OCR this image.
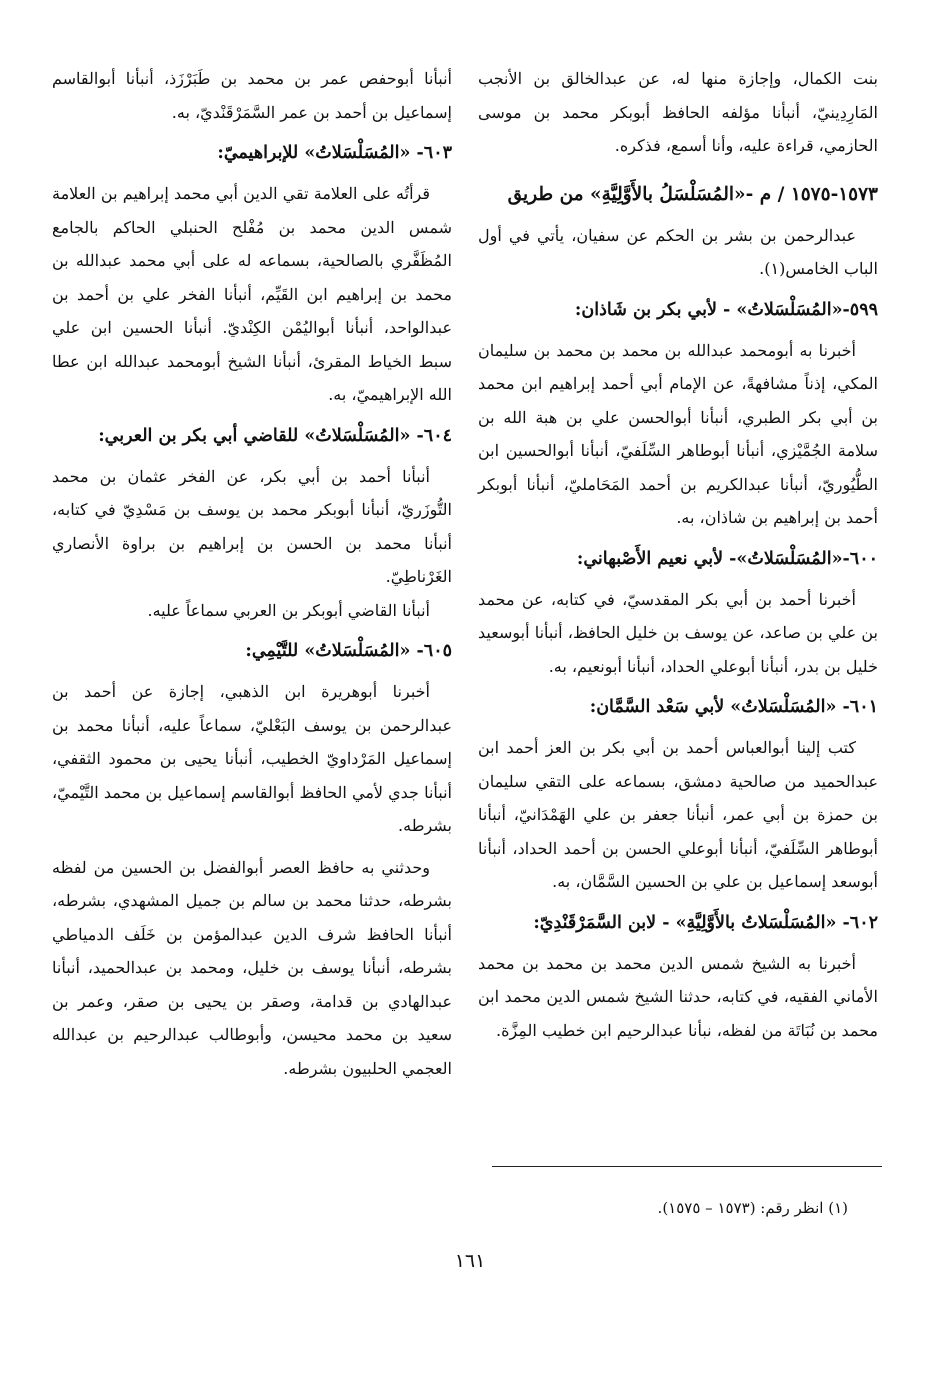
بنت الكمال، وإجازة منها له، عن عبدالخالق بن الأنجب المَارِدِينيّ، أنبأنا مؤلفه الحافظ أبوبكر محمد بن موسى الحازمي، قراءة عليه، وأنا أسمع، فذكره.

١٥٧٣-١٥٧٥ / م -«المُسَلْسَلُ بالأَوَّلِيَّةِ» من طريق

عبدالرحمن بن بشر بن الحكم عن سفيان، يأتي في أول الباب الخامس(١).

٥٩٩-«المُسَلْسَلاتُ» - لأبي بكر بن شَاذان:

أخبرنا به أبومحمد عبدالله بن محمد بن محمد بن سليمان المكي، إذناً مشافهةً، عن الإمام أبي أحمد إبراهيم ابن محمد بن أبي بكر الطبري، أنبأنا أبوالحسن علي بن هبة الله بن سلامة الجُمَّيْزي، أنبأنا أبوطاهر السِّلَفيّ، أنبأنا أبوالحسين ابن الطُّيُوريّ، أنبأنا عبدالكريم بن أحمد المَحَامليّ، أنبأنا أبوبكر أحمد بن إبراهيم بن شاذان، به.

٦٠٠-«المُسَلْسَلاتُ»- لأبي نعيم الأَصْبهاني:

أخبرنا أحمد بن أبي بكر المقدسيّ، في كتابه، عن محمد بن علي بن صاعد، عن يوسف بن خليل الحافظ، أنبأنا أبوسعيد خليل بن بدر، أنبأنا أبوعلي الحداد، أنبأنا أبونعيم، به.

٦٠١- «المُسَلْسَلاتُ» لأبي سَعْد السَّمَّان:

كتب إلينا أبوالعباس أحمد بن أبي بكر بن العز أحمد ابن عبدالحميد من صالحية دمشق، بسماعه على التقي سليمان بن حمزة بن أبي عمر، أنبأنا جعفر بن علي الهَمْدَانيّ، أنبأنا أبوطاهر السِّلَفيّ، أنبأنا أبوعلي الحسن بن أحمد الحداد، أنبأنا أبوسعد إسماعيل بن علي بن الحسين السَّمَّان، به.

٦٠٢- «المُسَلْسَلاتُ بالأَوَّلِيَّةِ» - لابن السَّمَرْقَنْدِيّ:

أخبرنا به الشيخ شمس الدين محمد بن محمد بن محمد الأماني الفقيه، في كتابه، حدثنا الشيخ شمس الدين محمد ابن محمد بن نُبَاتَة من لفظه، نبأنا عبدالرحيم ابن خطيب المِزَّة.

أنبأنا أبوحفص عمر بن محمد بن طَبَرْزَذ، أنبأنا أبوالقاسم إسماعيل بن أحمد بن عمر السَّمَرْقَنْديّ، به.

٦٠٣- «المُسَلْسَلاتُ» للإبراهيميّ:

قرأتُه على العلامة تقي الدين أبي محمد إبراهيم بن العلامة شمس الدين محمد بن مُفْلح الحنبلي الحاكم بالجامع المُظَفَّري بالصالحية، بسماعه له على أبي محمد عبدالله بن محمد بن إبراهيم ابن القَيِّم، أنبأنا الفخر علي بن أحمد بن عبدالواحد، أنبأنا أبواليُمْن الكِنْديّ. أنبأنا الحسين ابن علي سبط الخياط المقرئ، أنبأنا الشيخ أبومحمد عبدالله ابن عطا الله الإبراهيميّ، به.

٦٠٤- «المُسَلْسَلاتُ» للقاضي أبي بكر بن العربي:

أنبأنا أحمد بن أبي بكر، عن الفخر عثمان بن محمد التُّوزَريّ، أنبأنا أبوبكر محمد بن يوسف بن مَسْدِيّ في كتابه، أنبأنا محمد بن الحسن بن إبراهيم بن براوة الأنصاري الغَرْناطِيّ.

أنبأنا القاضي أبوبكر بن العربي سماعاً عليه.

٦٠٥- «المُسَلْسَلاتُ» للتَّيْمِي:

أخبرنا أبوهريرة ابن الذهبي، إجازة عن أحمد بن عبدالرحمن بن يوسف البَعْليّ، سماعاً عليه، أنبأنا محمد بن إسماعيل المَرْداويّ الخطيب، أنبأنا يحيى بن محمود الثقفي، أنبأنا جدي لأمي الحافظ أبوالقاسم إسماعيل بن محمد التَّيْميّ، بشرطه.

وحدثني به حافظ العصر أبوالفضل بن الحسين من لفظه بشرطه، حدثنا محمد بن سالم بن جميل المشهدي، بشرطه، أنبأنا الحافظ شرف الدين عبدالمؤمن بن خَلَف الدمياطي بشرطه، أنبأنا يوسف بن خليل، ومحمد بن عبدالحميد، أنبأنا عبدالهادي بن قدامة، وصقر بن يحيى بن صقر، وعمر بن سعيد بن محمد محيسن، وأبوطالب عبدالرحيم بن عبدالله العجمي الحلبيون بشرطه.

(١) انظر رقم: (١٥٧٣ – ١٥٧٥).
١٦١
